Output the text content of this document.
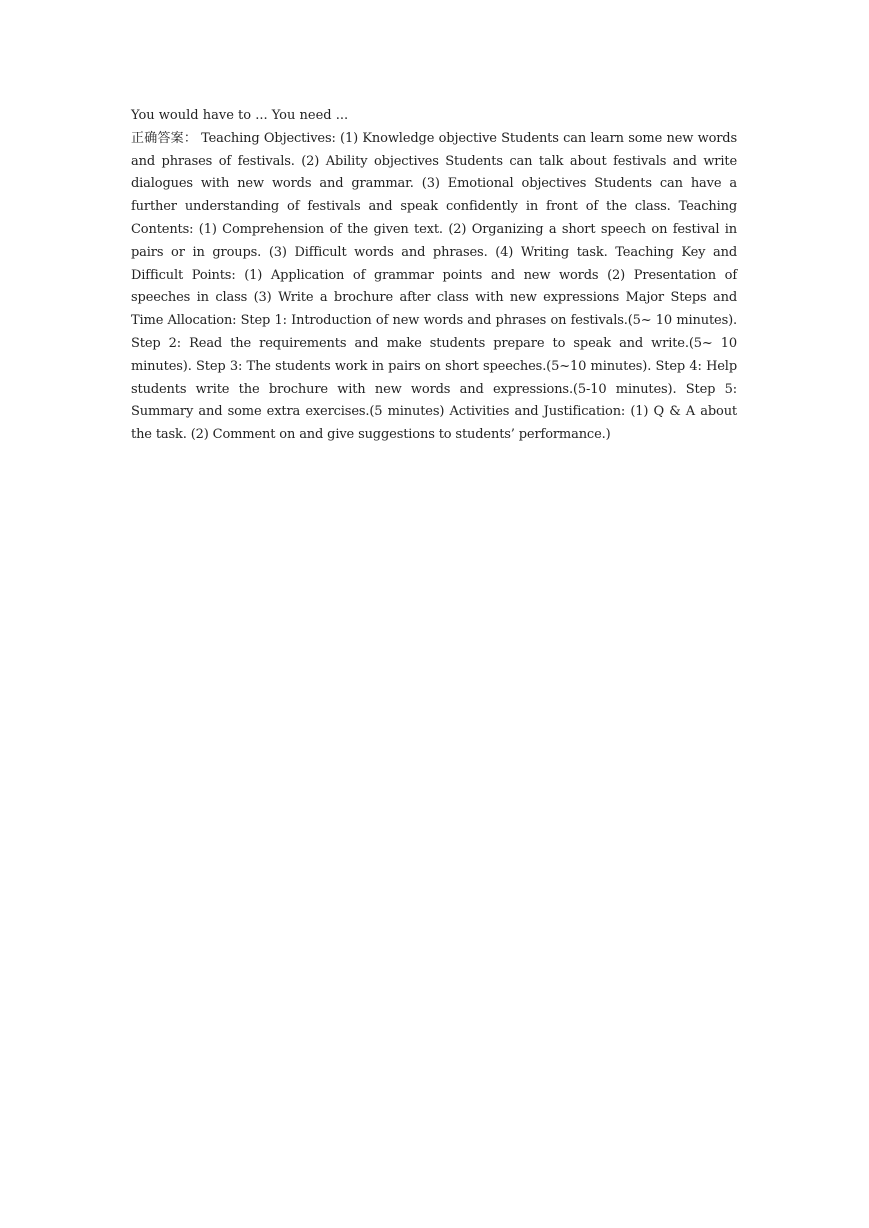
You would have to ... You need ...

正确答案： Teaching Objectives: (1) Knowledge objective Students can learn some new words and phrases of festivals. (2) Ability objectives Students can talk about festivals and write dialogues with new words and grammar. (3) Emotional objectives Students can have a further understanding of festivals and speak confidently in front of the class. Teaching Contents: (1) Comprehension of the given text. (2) Organizing a short speech on festival in pairs or in groups. (3) Difficult words and phrases. (4) Writing task. Teaching Key and Difficult Points: (1) Application of grammar points and new words (2) Presentation of speeches in class (3) Write a brochure after class with new expressions Major Steps and Time Allocation: Step 1: Introduction of new words and phrases on festivals.(5~ 10 minutes). Step 2: Read the requirements and make students prepare to speak and write.(5~ 10 minutes). Step 3: The students work in pairs on short speeches.(5~10 minutes). Step 4: Help students write the brochure with new words and expressions.(5-10 minutes). Step 5: Summary and some extra exercises.(5 minutes) Activities and Justification: (1) Q & A about the task. (2) Comment on and give suggestions to students’ performance.)
